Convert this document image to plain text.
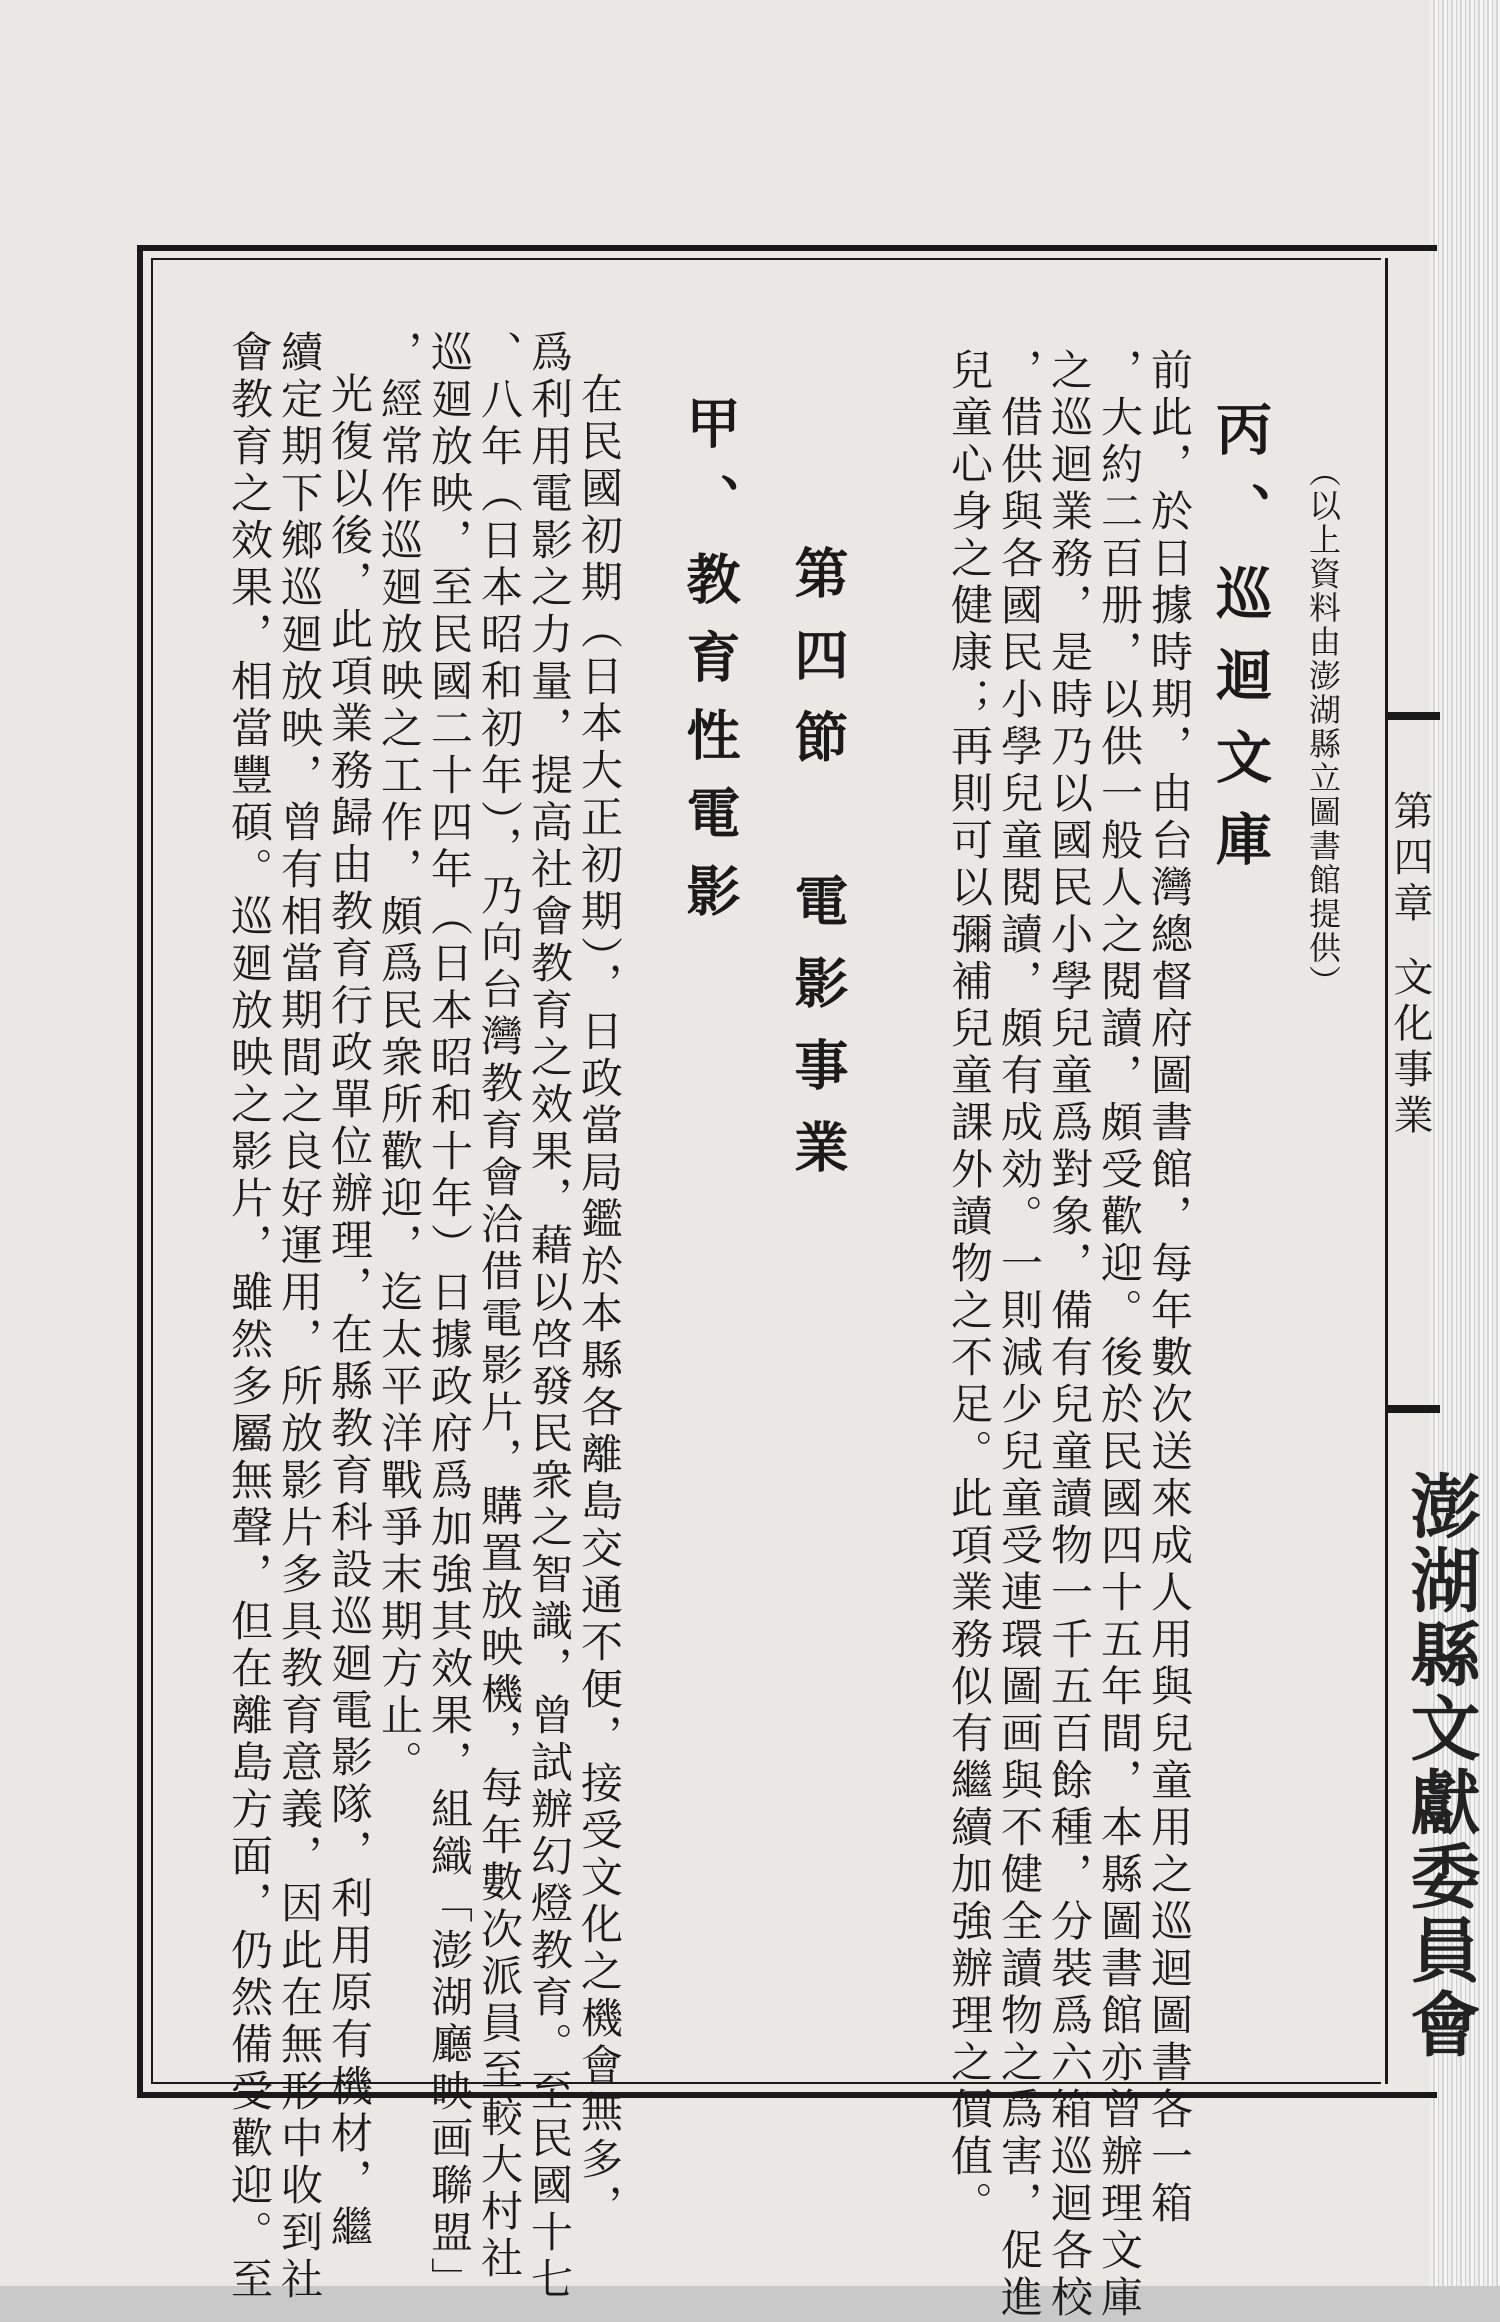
第四章文化事業

澎湖縣文獻委員會

（以上資料由澎湖縣立圖書館提供）

丙、巡迴文庫

前此，於日據時期，由台灣總督府圖書館，每年數次送來成人用與兒童用之巡迴圖書各一箱

，大約二百册，以供一般人之閱讀，頗受歡迎。後於民國四十五年間，本縣圖書館亦曾辦理文庫

之巡迴業務，是時乃以國民小學兒童爲對象，備有兒童讀物一千五百餘種，分裝爲六箱巡迴各校

，借供與各國民小學兒童閱讀，頗有成効。一則減少兒童受連環圖画與不健全讀物之爲害，促進

兒童心身之健康；再則可以彌補兒童課外讀物之不足。此項業務似有繼續加強辦理之價值。

第四節　電影事業

甲、教育性電影

在民國初期（日本大正初期），日政當局鑑於本縣各離島交通不便，接受文化之機會無多，

爲利用電影之力量，提高社會教育之效果，藉以啓發民衆之智識，曾試辦幻燈教育。至民國十七

、八年（日本昭和初年），乃向台灣教育會洽借電影片，購置放映機，每年數次派員至較大村社

巡廻放映，至民國二十四年（日本昭和十年）日據政府爲加強其效果，組織「澎湖廳映画聯盟」

，經常作巡廻放映之工作，頗爲民衆所歡迎，迄太平洋戰爭末期方止。

光復以後，此項業務歸由教育行政單位辦理，在縣教育科設巡廻電影隊，利用原有機材，繼

續定期下鄉巡廻放映，曾有相當期間之良好運用，所放影片多具教育意義，因此在無形中收到社

會教育之效果，相當豐碩。巡廻放映之影片，雖然多屬無聲，但在離島方面，仍然備受歡迎。至
